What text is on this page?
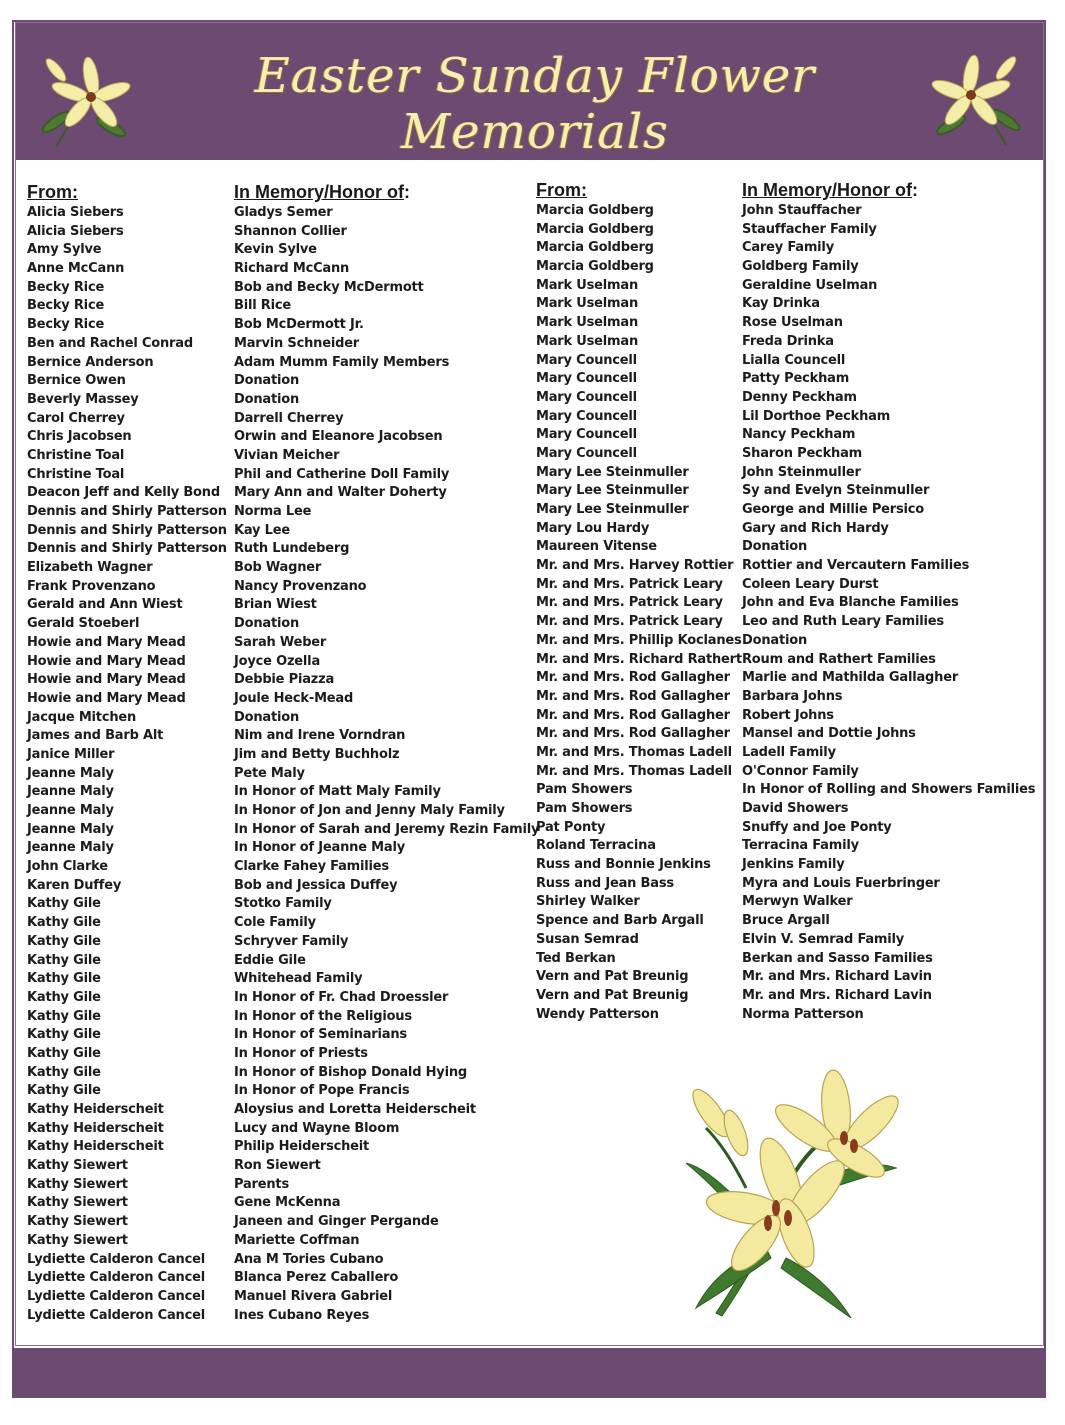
Easter Sunday Flower Memorials
From:
Alicia Siebers
Alicia Siebers
Amy Sylve
Anne McCann
Becky Rice
Becky Rice
Becky Rice
Ben and Rachel Conrad
Bernice Anderson
Bernice Owen
Beverly Massey
Carol Cherrey
Chris Jacobsen
Christine Toal
Christine Toal
Deacon Jeff and Kelly Bond
Dennis and Shirly Patterson
Dennis and Shirly Patterson
Dennis and Shirly Patterson
Elizabeth Wagner
Frank Provenzano
Gerald and Ann Wiest
Gerald Stoeberl
Howie and Mary Mead
Howie and Mary Mead
Howie and Mary Mead
Howie and Mary Mead
Jacque Mitchen
James and Barb Alt
Janice Miller
Jeanne Maly
Jeanne Maly
Jeanne Maly
Jeanne Maly
Jeanne Maly
John Clarke
Karen Duffey
Kathy Gile
Kathy Gile
Kathy Gile
Kathy Gile
Kathy Gile
Kathy Gile
Kathy Gile
Kathy Gile
Kathy Gile
Kathy Gile
Kathy Gile
Kathy Heiderscheit
Kathy Heiderscheit
Kathy Heiderscheit
Kathy Siewert
Kathy Siewert
Kathy Siewert
Kathy Siewert
Kathy Siewert
Lydiette Calderon Cancel
Lydiette Calderon Cancel
Lydiette Calderon Cancel
Lydiette Calderon Cancel
In Memory/Honor of:
Gladys Semer
Shannon Collier
Kevin Sylve
Richard McCann
Bob and Becky McDermott
Bill Rice
Bob McDermott Jr.
Marvin Schneider
Adam Mumm Family Members
Donation
Donation
Darrell Cherrey
Orwin and Eleanore Jacobsen
Vivian Meicher
Phil and Catherine Doll Family
Mary Ann and Walter Doherty
Norma Lee
Kay Lee
Ruth Lundeberg
Bob Wagner
Nancy Provenzano
Brian Wiest
Donation
Sarah Weber
Joyce Ozella
Debbie Piazza
Joule Heck-Mead
Donation
Nim and Irene Vorndran
Jim and Betty Buchholz
Pete Maly
In Honor of Matt Maly Family
In Honor of Jon and Jenny Maly Family
In Honor of Sarah and Jeremy Rezin Family
In Honor of Jeanne Maly
Clarke Fahey Families
Bob and Jessica Duffey
Stotko Family
Cole Family
Schryver Family
Eddie Gile
Whitehead Family
In Honor of Fr. Chad Droessler
In Honor of the Religious
In Honor of Seminarians
In Honor of Priests
In Honor of Bishop Donald Hying
In Honor of Pope Francis
Aloysius and Loretta Heiderscheit
Lucy and Wayne Bloom
Philip Heiderscheit
Ron Siewert
Parents
Gene McKenna
Janeen and Ginger Pergande
Mariette Coffman
Ana M Tories Cubano
Blanca Perez Caballero
Manuel Rivera Gabriel
Ines Cubano Reyes
From:
Marcia Goldberg
Marcia Goldberg
Marcia Goldberg
Marcia Goldberg
Mark Uselman
Mark Uselman
Mark Uselman
Mark Uselman
Mary Councell
Mary Councell
Mary Councell
Mary Councell
Mary Councell
Mary Councell
Mary Lee Steinmuller
Mary Lee Steinmuller
Mary Lee Steinmuller
Mary Lou Hardy
Maureen Vitense
Mr. and Mrs. Harvey Rottier
Mr. and Mrs. Patrick Leary
Mr. and Mrs. Patrick Leary
Mr. and Mrs. Patrick Leary
Mr. and Mrs. Phillip Koclanes
Mr. and Mrs. Richard Rathert
Mr. and Mrs. Rod Gallagher
Mr. and Mrs. Rod Gallagher
Mr. and Mrs. Rod Gallagher
Mr. and Mrs. Rod Gallagher
Mr. and Mrs. Thomas Ladell
Mr. and Mrs. Thomas Ladell
Pam Showers
Pam Showers
Pat Ponty
Roland Terracina
Russ and Bonnie Jenkins
Russ and Jean Bass
Shirley Walker
Spence and Barb Argall
Susan Semrad
Ted Berkan
Vern and Pat Breunig
Vern and Pat Breunig
Wendy Patterson
In Memory/Honor of:
John Stauffacher
Stauffacher Family
Carey Family
Goldberg Family
Geraldine Uselman
Kay Drinka
Rose Uselman
Freda Drinka
Lialla Councell
Patty Peckham
Denny Peckham
Lil Dorthoe Peckham
Nancy Peckham
Sharon Peckham
John Steinmuller
Sy and Evelyn Steinmuller
George and Millie Persico
Gary and Rich Hardy
Donation
Rottier and Vercautern Families
Coleen Leary Durst
John and Eva Blanche Families
Leo and Ruth Leary Families
Donation
Roum and Rathert Families
Marlie and Mathilda Gallagher
Barbara Johns
Robert Johns
Mansel and Dottie Johns
Ladell Family
O'Connor Family
In Honor of Rolling and Showers Families
David Showers
Snuffy and Joe Ponty
Terracina Family
Jenkins Family
Myra and Louis Fuerbringer
Merwyn Walker
Bruce Argall
Elvin V. Semrad Family
Berkan and Sasso Families
Mr. and Mrs. Richard Lavin
Mr. and Mrs. Richard Lavin
Norma Patterson
